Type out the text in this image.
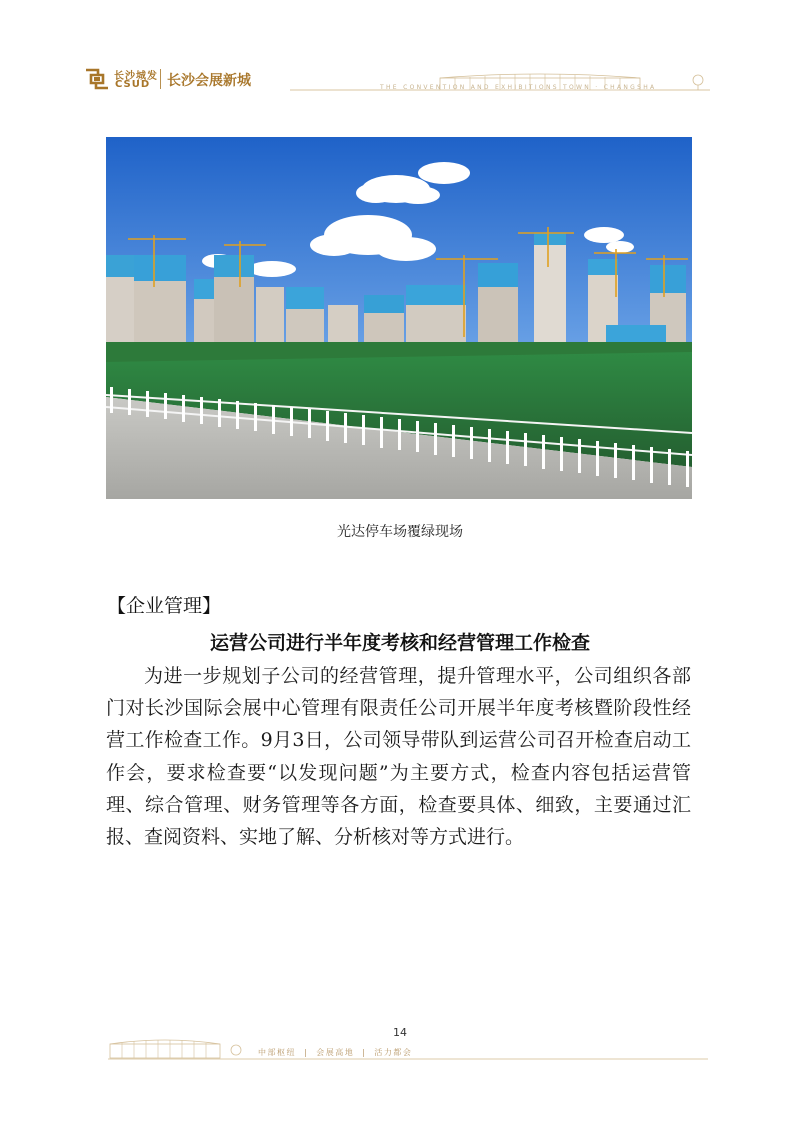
长沙城发
CSUD 长沙会展新城	THE CONVENTION AND EXHIBITIONS TOWN · CHANGSHA
光达停车场覆绿现场
【企业管理】
运营公司进行半年度考核和经营管理工作检查
为进一步规划子公司的经营管理，提升管理水平，公司组织各部门对长沙国际会展中心管理有限责任公司开展半年度考核暨阶段性经营工作检查工作。9月3日，公司领导带队到运营公司召开检查启动工作会，要求检查要“以发现问题”为主要方式，检查内容包括运营管理、综合管理、财务管理等各方面，检查要具体、细致，主要通过汇报、查阅资料、实地了解、分析核对等方式进行。
14
中部枢纽 | 会展高地 | 活力都会
